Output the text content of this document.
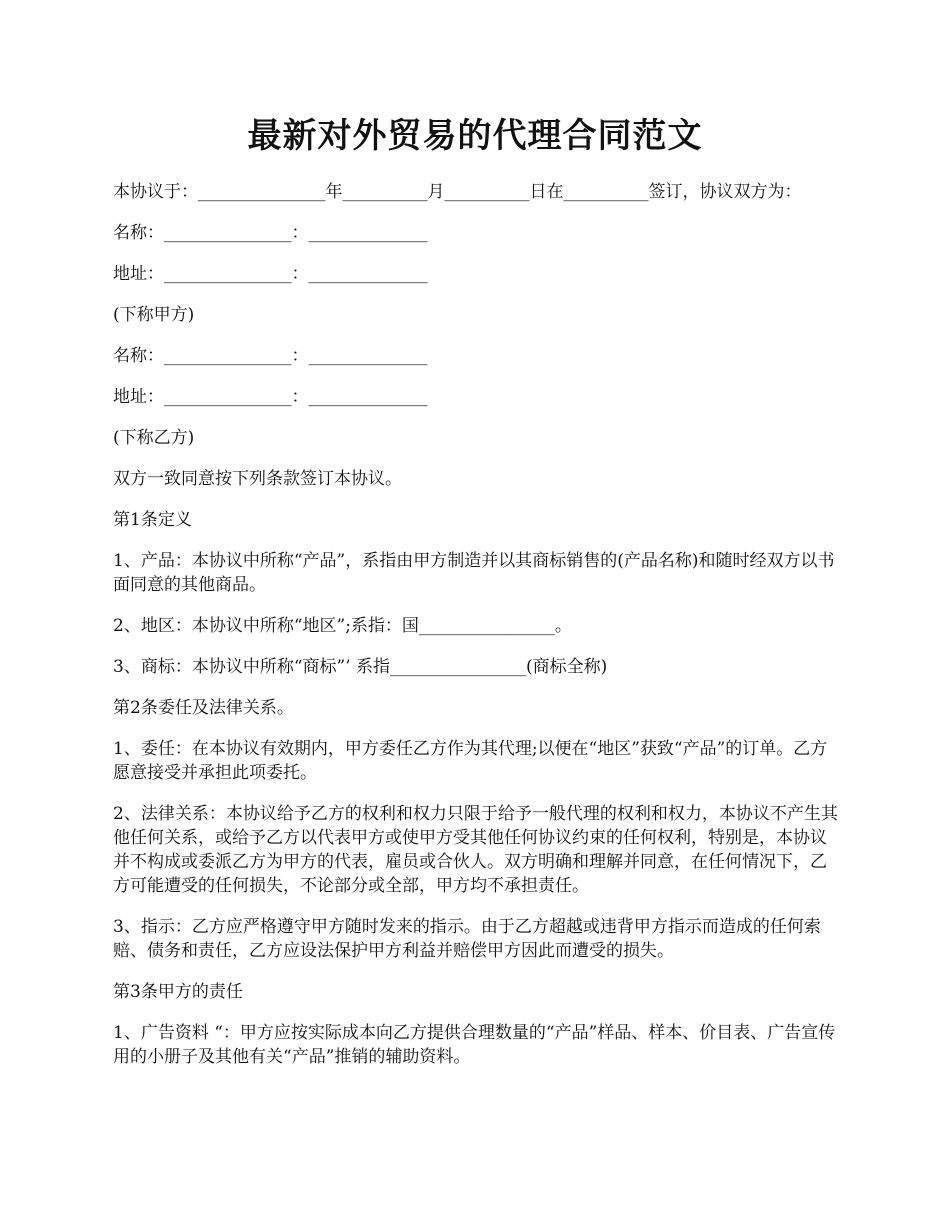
最新对外贸易的代理合同范文

本协议于：_______________年__________月__________日在__________签订，协议双方为：

名称：_______________：______________

地址：_______________：______________

(下称甲方)

名称：_______________：______________

地址：_______________：______________

(下称乙方)

双方一致同意按下列条款签订本协议。

第1条定义

1、产品：本协议中所称“产品”，系指由甲方制造并以其商标销售的(产品名称)和随时经双方以书面同意的其他商品。

2、地区：本协议中所称“地区”;系指：国________________。

3、商标：本协议中所称“商标”’ 系指________________(商标全称)

第2条委任及法律关系。

1、委任：在本协议有效期内，甲方委任乙方作为其代理;以便在“地区”获致“产品”的订单。乙方愿意接受并承担此项委托。

2、法律关系：本协议给予乙方的权利和权力只限于给予一般代理的权利和权力，本协议不产生其他任何关系，或给予乙方以代表甲方或使甲方受其他任何协议约束的任何权利，特别是，本协议并不构成或委派乙方为甲方的代表，雇员或合伙人。双方明确和理解并同意，在任何情况下，乙方可能遭受的任何损失，不论部分或全部，甲方均不承担责任。

3、指示：乙方应严格遵守甲方随时发来的指示。由于乙方超越或违背甲方指示而造成的任何索赔、债务和责任，乙方应设法保护甲方利益并赔偿甲方因此而遭受的损失。

第3条甲方的责任

1、广告资料 “：甲方应按实际成本向乙方提供合理数量的“产品”样品、样本、价目表、广告宣传用的小册子及其他有关“产品”推销的辅助资料。
